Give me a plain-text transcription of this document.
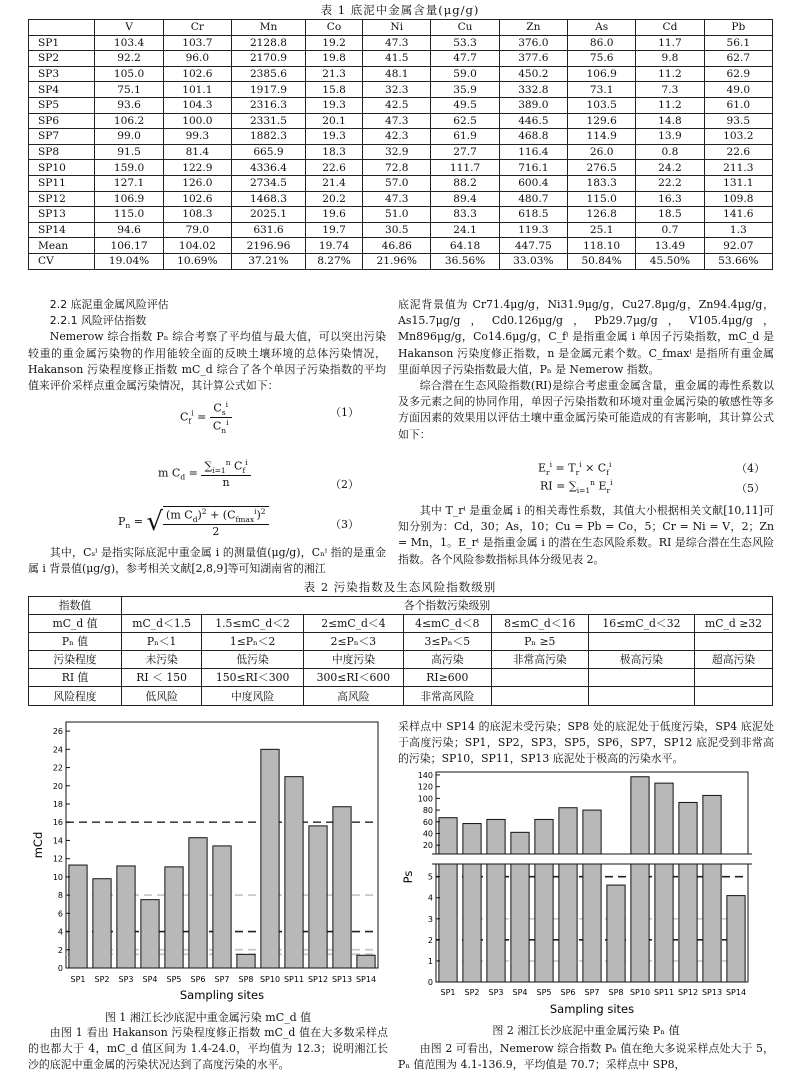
表 1 底泥中金属含量(μg/g)
	V	Cr	Mn	Co	Ni	Cu	Zn	As	Cd	Pb
SP1	103.4	103.7	2128.8	19.2	47.3	53.3	376.0	86.0	11.7	56.1
SP2	92.2	96.0	2170.9	19.8	41.5	47.7	377.6	75.6	9.8	62.7
SP3	105.0	102.6	2385.6	21.3	48.1	59.0	450.2	106.9	11.2	62.9
SP4	75.1	101.1	1917.9	15.8	32.3	35.9	332.8	73.1	7.3	49.0
SP5	93.6	104.3	2316.3	19.3	42.5	49.5	389.0	103.5	11.2	61.0
SP6	106.2	100.0	2331.5	20.1	47.3	62.5	446.5	129.6	14.8	93.5
SP7	99.0	99.3	1882.3	19.3	42.3	61.9	468.8	114.9	13.9	103.2
SP8	91.5	81.4	665.9	18.3	32.9	27.7	116.4	26.0	0.8	22.6
SP10	159.0	122.9	4336.4	22.6	72.8	111.7	716.1	276.5	24.2	211.3
SP11	127.1	126.0	2734.5	21.4	57.0	88.2	600.4	183.3	22.2	131.1
SP12	106.9	102.6	1468.3	20.2	47.3	89.4	480.7	115.0	16.3	109.8
SP13	115.0	108.3	2025.1	19.6	51.0	83.3	618.5	126.8	18.5	141.6
SP14	94.6	79.0	631.6	19.7	30.5	24.1	119.3	25.1	0.7	1.3
Mean	106.17	104.02	2196.96	19.74	46.86	64.18	447.75	118.10	13.49	92.07
CV	19.04%	10.69%	37.21%	8.27%	21.96%	36.56%	33.03%	50.84%	45.50%	53.66%

2.2 底泥重金属风险评估

2.2.1 风险评估指数

Nemerow 综合指数 Pₙ 综合考察了平均值与最大值，可以突出污染较重的重金属污染物的作用能较全面的反映土壤环境的总体污染情况，Hakanson 污染程度修正指数 mC_d 综合了各个单因子污染指数的平均值来评价采样点重金属污染情况，其计算公式如下：

$C_f^i = \frac{C_s^i}{C_n^i}$	（1）
m $C_d = \frac{\sum_{i=1}^n C_f^i}{n}$	（2）
$P_n$ = √ $\frac{(m C_d)^2 + (C_{fmax}^i)^2}{2}$	（3）

其中，Cₛⁱ 是指实际底泥中重金属 i 的测量值(μg/g)，Cₙⁱ 指的是重金属 i 背景值(μg/g)，参考相关文献[2,8,9]等可知湖南省的湘江

底泥背景值为 Cr71.4μg/g，Ni31.9μg/g，Cu27.8μg/g，Zn94.4μg/g，As15.7μg/g，Cd0.126μg/g，Pb29.7μg/g，V105.4μg/g，Mn896μg/g，Co14.6μg/g，C_fⁱ 是指重金属 i 单因子污染指数，mC_d 是 Hakanson 污染度修正指数，n 是金属元素个数。C_fmaxⁱ 是指所有重金属里面单因子污染指数最大值，Pₙ 是 Nemerow 指数。

综合潜在生态风险指数(RI)是综合考虑重金属含量，重金属的毒性系数以及多元素之间的协同作用，单因子污染指数和环境对重金属污染的敏感性等多方面因素的效果用以评估土壤中重金属污染可能造成的有害影响，其计算公式如下：

$E_r^i = T_r^i \times C_f^i$	（4）
RI = $\sum_{i=1}^n$ $E_r^i$	（5）

其中 T_rⁱ 是重金属 i 的相关毒性系数，其值大小根据相关文献[10,11]可知分别为：Cd，30；As，10；Cu = Pb = Co，5；Cr = Ni = V，2；Zn = Mn，1。E_rⁱ 是指重金属 i 的潜在生态风险系数。RI 是综合潜在生态风险指数。各个风险参数指标具体分级见表 2。

表 2 污染指数及生态风险指数级别
指数值	各个指数污染级别						
mC_d 值	mC_d＜1.5	1.5≤mC_d＜2	2≤mC_d＜4	4≤mC_d＜8	8≤mC_d＜16	16≤mC_d＜32	mC_d ≥32
Pₙ 值	Pₙ＜1	1≤Pₙ＜2	2≤Pₙ＜3	3≤Pₙ＜5	Pₙ ≥5		
污染程度	未污染	低污染	中度污染	高污染	非常高污染	极高污染	超高污染
RI 值	RI ＜ 150	150≤RI＜300	300≤RI＜600	RI≥600			
风险程度	低风险	中度风险	高风险	非常高风险			

采样点中 SP14 的底泥未受污染；SP8 处的底泥处于低度污染，SP4 底泥处于高度污染；SP1，SP2，SP3，SP5，SP6，SP7，SP12 底泥受到非常高的污染；SP10，SP11，SP13 底泥处于极高的污染水平。

SP1 SP2 SP3 SP4 SP5 SP6 SP7 SP8 SP10 SP11 SP12 SP13 SP14
0
2
4
6
8
10
12
14
16
18
20
22
24
26
Sampling sites
mCd
图 1 湘江长沙底泥中重金属污染 mC_d 值

由图 1 看出 Hakanson 污染程度修正指数 mC_d 值在大多数采样点的也都大于 4，mC_d 值区间为 1.4-24.0，平均值为 12.3；说明湘江长沙的底泥中重金属的污染状况达到了高度污染的水平。

SP1 SP2 SP3 SP4 SP5 SP6 SP7 SP8 SP10 SP11 SP12 SP13 SP14
20
40
60
80
100
120
140
0
1
2
3
4
5
Sampling sites
Ps
图 2 湘江长沙底泥中重金属污染 Pₙ 值

由图 2 可看出，Nemerow 综合指数 Pₙ 值在绝大多说采样点处大于 5，Pₙ 值范围为 4.1-136.9，平均值是 70.7；采样点中 SP8，
